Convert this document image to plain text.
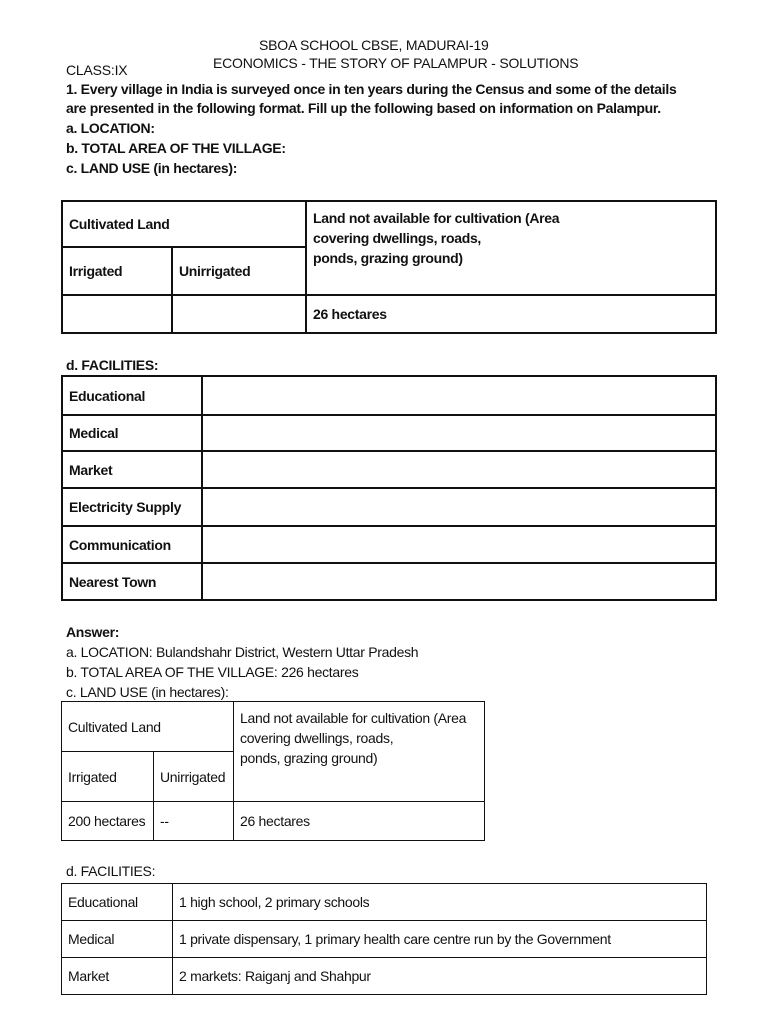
SBOA SCHOOL CBSE, MADURAI-19
ECONOMICS - THE STORY OF PALAMPUR - SOLUTIONS
CLASS:IX
1. Every village in India is surveyed once in ten years during the Census and some of the details
are presented in the following format. Fill up the following based on information on Palampur.
a. LOCATION:
b. TOTAL AREA OF THE VILLAGE:
c. LAND USE (in hectares):
Cultivated Land		Land not available for cultivation (Area
covering dwellings, roads,
ponds, grazing ground)

Irrigated	Unirrigated	
		26 hectares
d. FACILITIES:
Educational	
Medical	
Market	
Electricity Supply	
Communication	
Nearest Town	
Answer:
a. LOCATION: Bulandshahr District, Western Uttar Pradesh
b. TOTAL AREA OF THE VILLAGE: 226 hectares
c. LAND USE (in hectares):
Cultivated Land		Land not available for cultivation (Area
covering dwellings, roads,
ponds, grazing ground)

Irrigated	Unirrigated	
200 hectares	--	26 hectares
d. FACILITIES:
Educational	1 high school, 2 primary schools
Medical	1 private dispensary, 1 primary health care centre run by the Government
Market	2 markets: Raiganj and Shahpur
